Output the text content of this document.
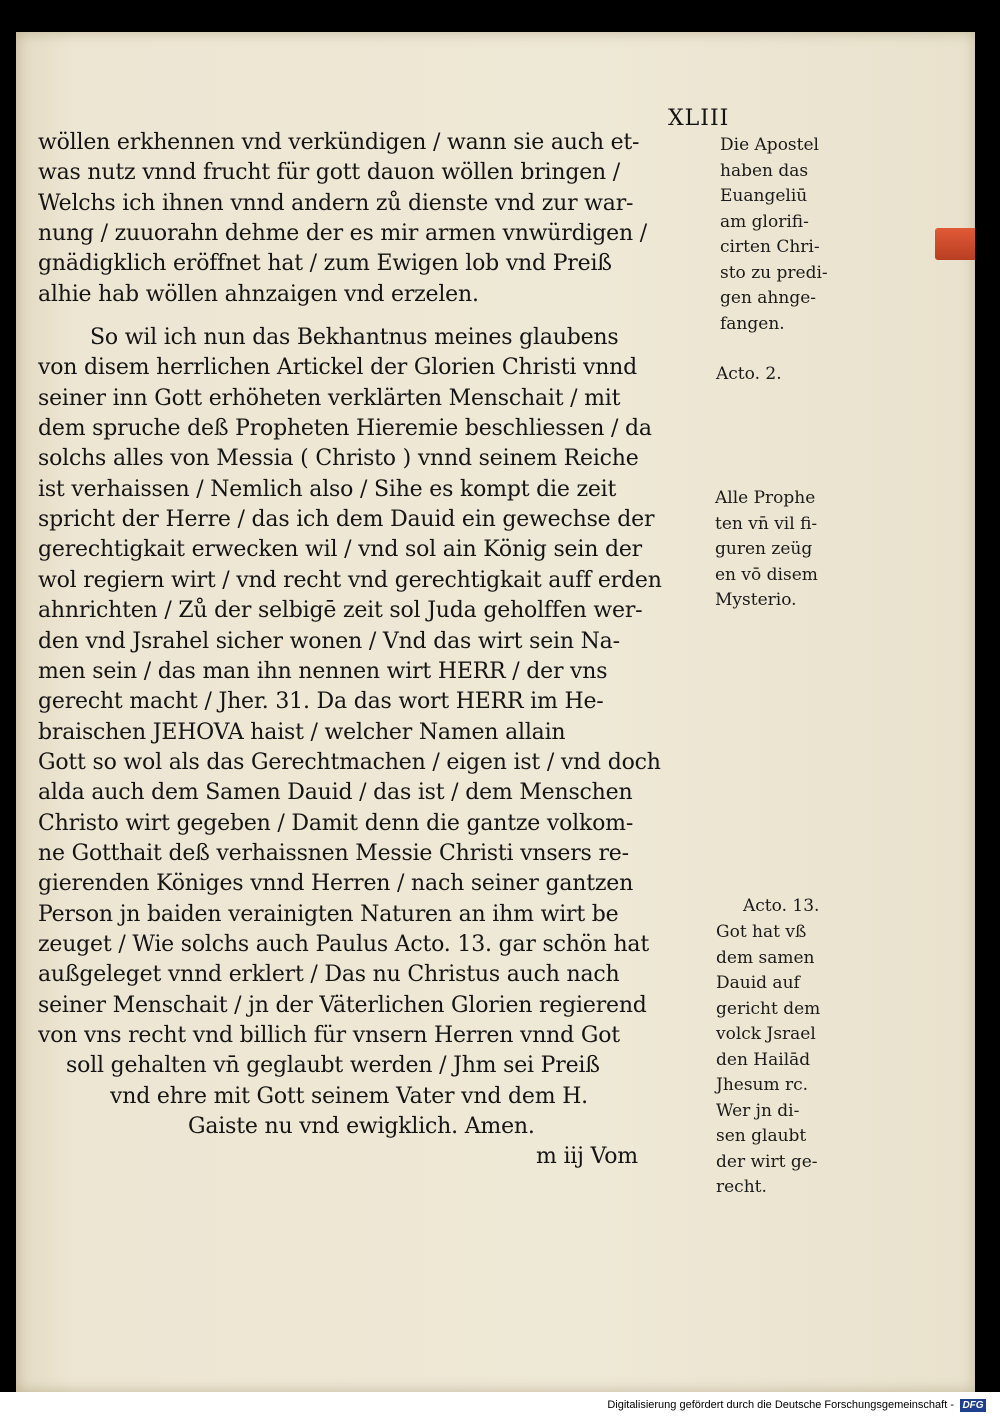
XLIII
wöllen erkhennen vnd verkündigen / wann sie auch et-
was nutz vnnd frucht für gott dauon wöllen bringen /
Welchs ich ihnen vnnd andern zů dienste vnd zur war-
nung / zuuorahn dehme der es mir armen vnwürdigen /
gnädigklich eröffnet hat / zum Ewigen lob vnd Preiß
alhie hab wöllen ahnzaigen vnd erzelen.
So wil ich nun das Bekhantnus meines glaubens
von disem herrlichen Artickel der Glorien Christi vnnd
seiner inn Gott erhöheten verklärten Menschait / mit
dem spruche deß Propheten Hieremie beschliessen / da
solchs alles von Messia ( Christo ) vnnd seinem Reiche
ist verhaissen / Nemlich also / Sihe es kompt die zeit
spricht der Herre / das ich dem Dauid ein gewechse der
gerechtigkait erwecken wil / vnd sol ain König sein der
wol regiern wirt / vnd recht vnd gerechtigkait auff erden
ahnrichten / Zů der selbigē zeit sol Juda geholffen wer-
den vnd Jsrahel sicher wonen / Vnd das wirt sein Na-
men sein / das man ihn nennen wirt HERR / der vns
gerecht macht / Jher. 31. Da das wort HERR im He-
braischen JEHOVA haist / welcher Namen allain
Gott so wol als das Gerechtmachen / eigen ist / vnd doch
alda auch dem Samen Dauid / das ist / dem Menschen
Christo wirt gegeben / Damit denn die gantze volkom-
ne Gotthait deß verhaissnen Messie Christi vnsers re-
gierenden Königes vnnd Herren / nach seiner gantzen
Person jn baiden verainigten Naturen an ihm wirt be
zeuget / Wie solchs auch Paulus Acto. 13. gar schön hat
außgeleget vnnd erklert / Das nu Christus auch nach
seiner Menschait / jn der Väterlichen Glorien regierend
von vns recht vnd billich für vnsern Herren vnnd Got
soll gehalten vn̄ geglaubt werden / Jhm sei Preiß
vnd ehre mit Gott seinem Vater vnd dem H.
Gaiste nu vnd ewigklich. Amen.
m iij Vom
Die Apostel
haben das
Euangeliū
am glorifi-
cirten Chri-
sto zu predi-
gen ahnge-
fangen.
Acto. 2.
Alle Prophe
ten vn̄ vil fi-
guren zeüg
en vō disem
Mysterio.
Acto. 13.
Got hat vß
dem samen
Dauid auf
gericht dem
volck Jsrael
den Hailād
Jhesum rc.
Wer jn di-
sen glaubt
der wirt ge-
recht.
Digitalisierung gefördert durch die Deutsche Forschungsgemeinschaft - DFG
